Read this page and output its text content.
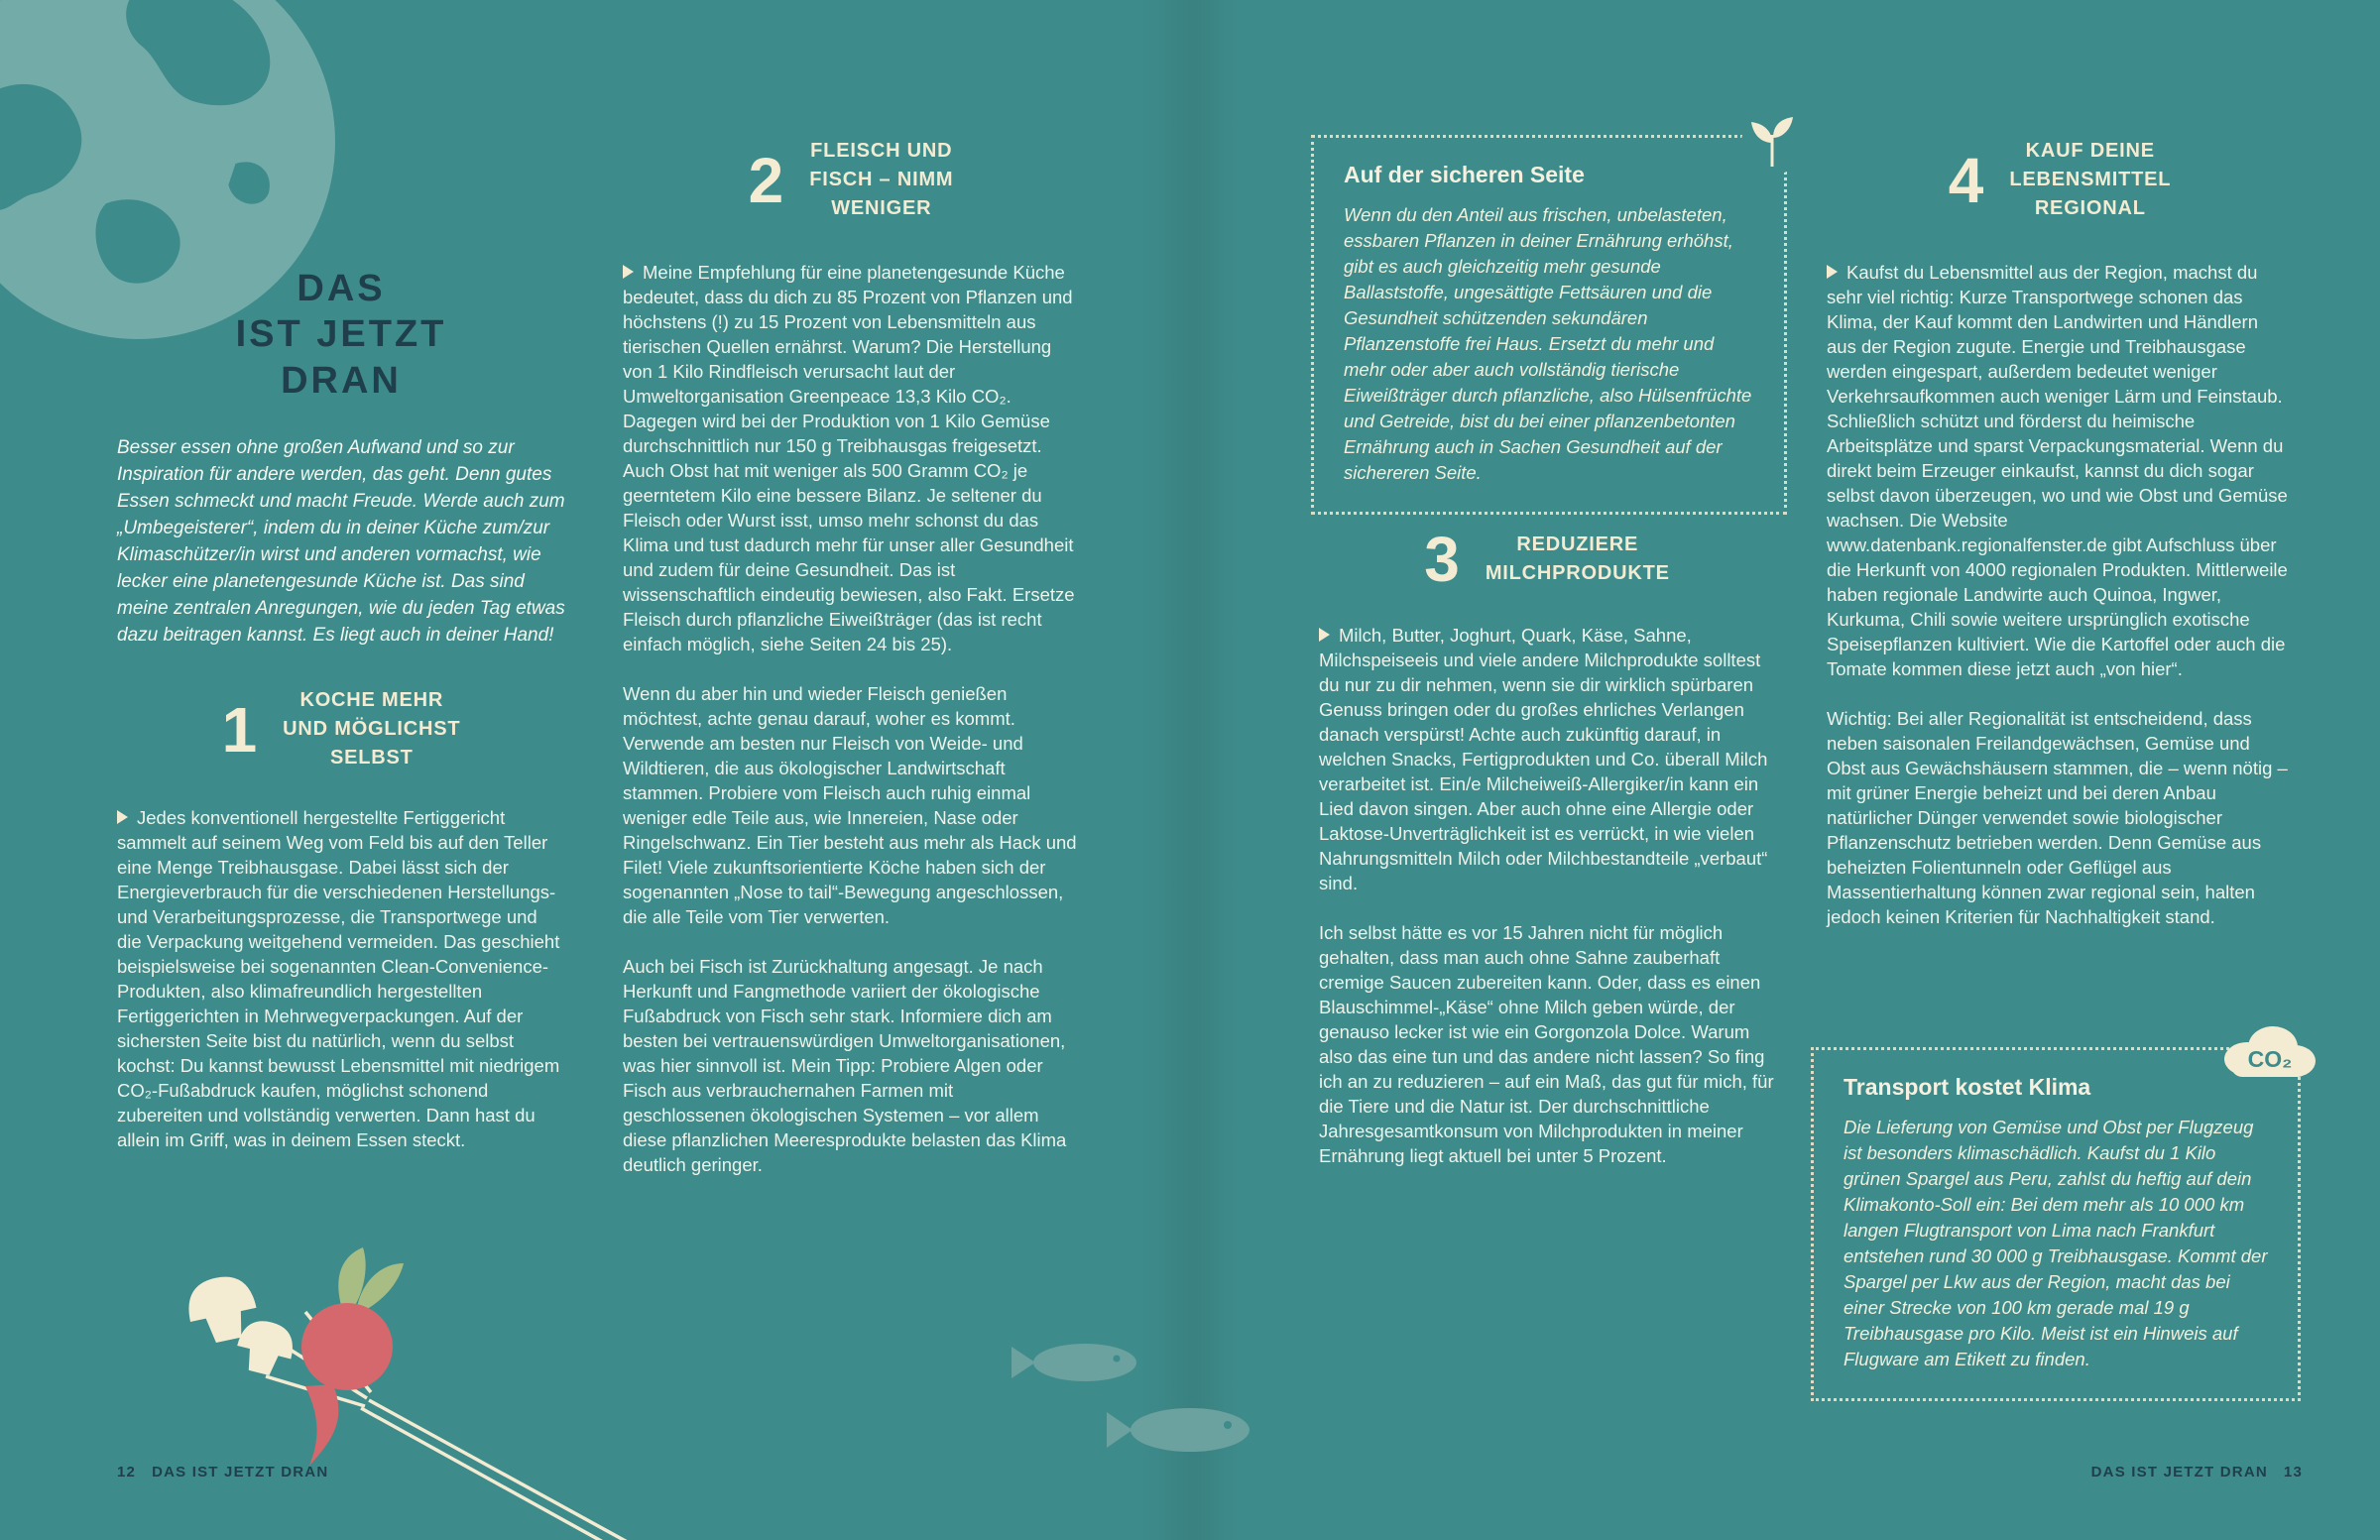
DAS
IST JETZT
DRAN

Besser essen ohne großen Aufwand und so zur Inspiration für andere werden, das geht. Denn gutes Essen schmeckt und macht Freude. Werde auch zum „Umbegeisterer“, indem du in deiner Küche zum/zur Klimaschützer/in wirst und anderen vormachst, wie lecker eine planetengesunde Küche ist. Das sind meine zentralen Anregungen, wie du jeden Tag etwas dazu beitragen kannst. Es liegt auch in deiner Hand!

1	KOCHE MEHR
UND MÖGLICHST
SELBST

Jedes konventionell hergestellte Fertiggericht sammelt auf seinem Weg vom Feld bis auf den Teller eine Menge Treibhausgase. Dabei lässt sich der Energieverbrauch für die verschiedenen Herstellungs- und Verarbeitungsprozesse, die Transportwege und die Verpackung weitgehend vermeiden. Das geschieht beispielsweise bei sogenannten Clean-Convenience-Produkten, also klimafreundlich hergestellten Fertiggerichten in Mehrwegverpackungen. Auf der sichersten Seite bist du natürlich, wenn du selbst kochst: Du kannst bewusst Lebensmittel mit niedrigem CO₂-Fußabdruck kaufen, möglichst schonend zubereiten und vollständig verwerten. Dann hast du allein im Griff, was in deinem Essen steckt.

2 FLEISCH UND
FISCH – NIMM
WENIGER

Meine Empfehlung für eine planetengesunde Küche bedeutet, dass du dich zu 85 Prozent von Pflanzen und höchstens (!) zu 15 Prozent von Lebensmitteln aus tierischen Quellen ernährst. Warum? Die Herstellung von 1 Kilo Rindfleisch verursacht laut der Umweltorganisation Greenpeace 13,3 Kilo CO₂. Dagegen wird bei der Produktion von 1 Kilo Gemüse durchschnittlich nur 150 g Treibhausgas freigesetzt. Auch Obst hat mit weniger als 500 Gramm CO₂ je geerntetem Kilo eine bessere Bilanz. Je seltener du Fleisch oder Wurst isst, umso mehr schonst du das Klima und tust dadurch mehr für unser aller Gesundheit und zudem für deine Gesundheit. Das ist wissenschaftlich eindeutig bewiesen, also Fakt. Ersetze Fleisch durch pflanzliche Eiweißträger (das ist recht einfach möglich, siehe Seiten 24 bis 25).

Wenn du aber hin und wieder Fleisch genießen möchtest, achte genau darauf, woher es kommt. Verwende am besten nur Fleisch von Weide- und Wildtieren, die aus ökologischer Landwirtschaft stammen. Probiere vom Fleisch auch ruhig einmal weniger edle Teile aus, wie Innereien, Nase oder Ringelschwanz. Ein Tier besteht aus mehr als Hack und Filet! Viele zukunftsorientierte Köche haben sich der sogenannten „Nose to tail“-Bewegung angeschlossen, die alle Teile vom Tier verwerten.

Auch bei Fisch ist Zurückhaltung angesagt. Je nach Herkunft und Fangmethode variiert der ökologische Fußabdruck von Fisch sehr stark. Informiere dich am besten bei vertrauenswürdigen Umweltorganisationen, was hier sinnvoll ist. Mein Tipp: Probiere Algen oder Fisch aus verbrauchernahen Farmen mit geschlossenen ökologischen Systemen – vor allem diese pflanzlichen Meeresprodukte belasten das Klima deutlich geringer.

Auf der sicheren Seite

Wenn du den Anteil aus frischen, unbelasteten, essbaren Pflanzen in deiner Ernährung erhöhst, gibt es auch gleichzeitig mehr gesunde Ballaststoffe, ungesättigte Fettsäuren und die Gesundheit schützenden sekundären Pflanzenstoffe frei Haus. Ersetzt du mehr und mehr oder aber auch vollständig tierische Eiweißträger durch pflanzliche, also Hülsenfrüchte und Getreide, bist du bei einer pflanzenbetonten Ernährung auch in Sachen Gesundheit auf der sichereren Seite.

3	REDUZIERE
MILCHPRODUKTE

Milch, Butter, Joghurt, Quark, Käse, Sahne, Milchspeiseeis und viele andere Milchprodukte solltest du nur zu dir nehmen, wenn sie dir wirklich spürbaren Genuss bringen oder du großes ehrliches Verlangen danach verspürst! Achte auch zukünftig darauf, in welchen Snacks, Fertigprodukten und Co. überall Milch verarbeitet ist. Ein/e Milcheiweiß-Allergiker/in kann ein Lied davon singen. Aber auch ohne eine Allergie oder Laktose-Unverträglichkeit ist es verrückt, in wie vielen Nahrungsmitteln Milch oder Milchbestandteile „verbaut“ sind.

Ich selbst hätte es vor 15 Jahren nicht für möglich gehalten, dass man auch ohne Sahne zauberhaft cremige Saucen zubereiten kann. Oder, dass es einen Blauschimmel-„Käse“ ohne Milch geben würde, der genauso lecker ist wie ein Gorgonzola Dolce. Warum also das eine tun und das andere nicht lassen? So fing ich an zu reduzieren – auf ein Maß, das gut für mich, für die Tiere und die Natur ist. Der durchschnittliche Jahresgesamtkonsum von Milchprodukten in meiner Ernährung liegt aktuell bei unter 5 Prozent.

4	KAUF DEINE
LEBENSMITTEL
REGIONAL

Kaufst du Lebensmittel aus der Region, machst du sehr viel richtig: Kurze Transportwege schonen das Klima, der Kauf kommt den Landwirten und Händlern aus der Region zugute. Energie und Treibhausgase werden eingespart, außerdem bedeutet weniger Verkehrsaufkommen auch weniger Lärm und Feinstaub. Schließlich schützt und förderst du heimische Arbeitsplätze und sparst Verpackungsmaterial. Wenn du direkt beim Erzeuger einkaufst, kannst du dich sogar selbst davon überzeugen, wo und wie Obst und Gemüse wachsen. Die Website www.datenbank.regionalfenster.de gibt Aufschluss über die Herkunft von 4000 regionalen Produkten. Mittlerweile haben regionale Landwirte auch Quinoa, Ingwer, Kurkuma, Chili sowie weitere ursprünglich exotische Speisepflanzen kultiviert. Wie die Kartoffel oder auch die Tomate kommen diese jetzt auch „von hier“.

Wichtig: Bei aller Regionalität ist entscheidend, dass neben saisonalen Freilandgewächsen, Gemüse und Obst aus Gewächshäusern stammen, die – wenn nötig – mit grüner Energie beheizt und bei deren Anbau natürlicher Dünger verwendet sowie biologischer Pflanzenschutz betrieben werden. Denn Gemüse aus beheizten Folientunneln oder Geflügel aus Massentierhaltung können zwar regional sein, halten jedoch keinen Kriterien für Nachhaltigkeit stand.

Transport kostet Klima

Die Lieferung von Gemüse und Obst per Flugzeug ist besonders klimaschädlich. Kaufst du 1 Kilo grünen Spargel aus Peru, zahlst du heftig auf dein Klimakonto-Soll ein: Bei dem mehr als 10 000 km langen Flugtransport von Lima nach Frankfurt entstehen rund 30 000 g Treibhausgase. Kommt der Spargel per Lkw aus der Region, macht das bei einer Strecke von 100 km gerade mal 19 g Treibhausgase pro Kilo. Meist ist ein Hinweis auf Flugware am Etikett zu finden.

CO₂
12 DAS IST JETZT DRAN	DAS IST JETZT DRAN 13
